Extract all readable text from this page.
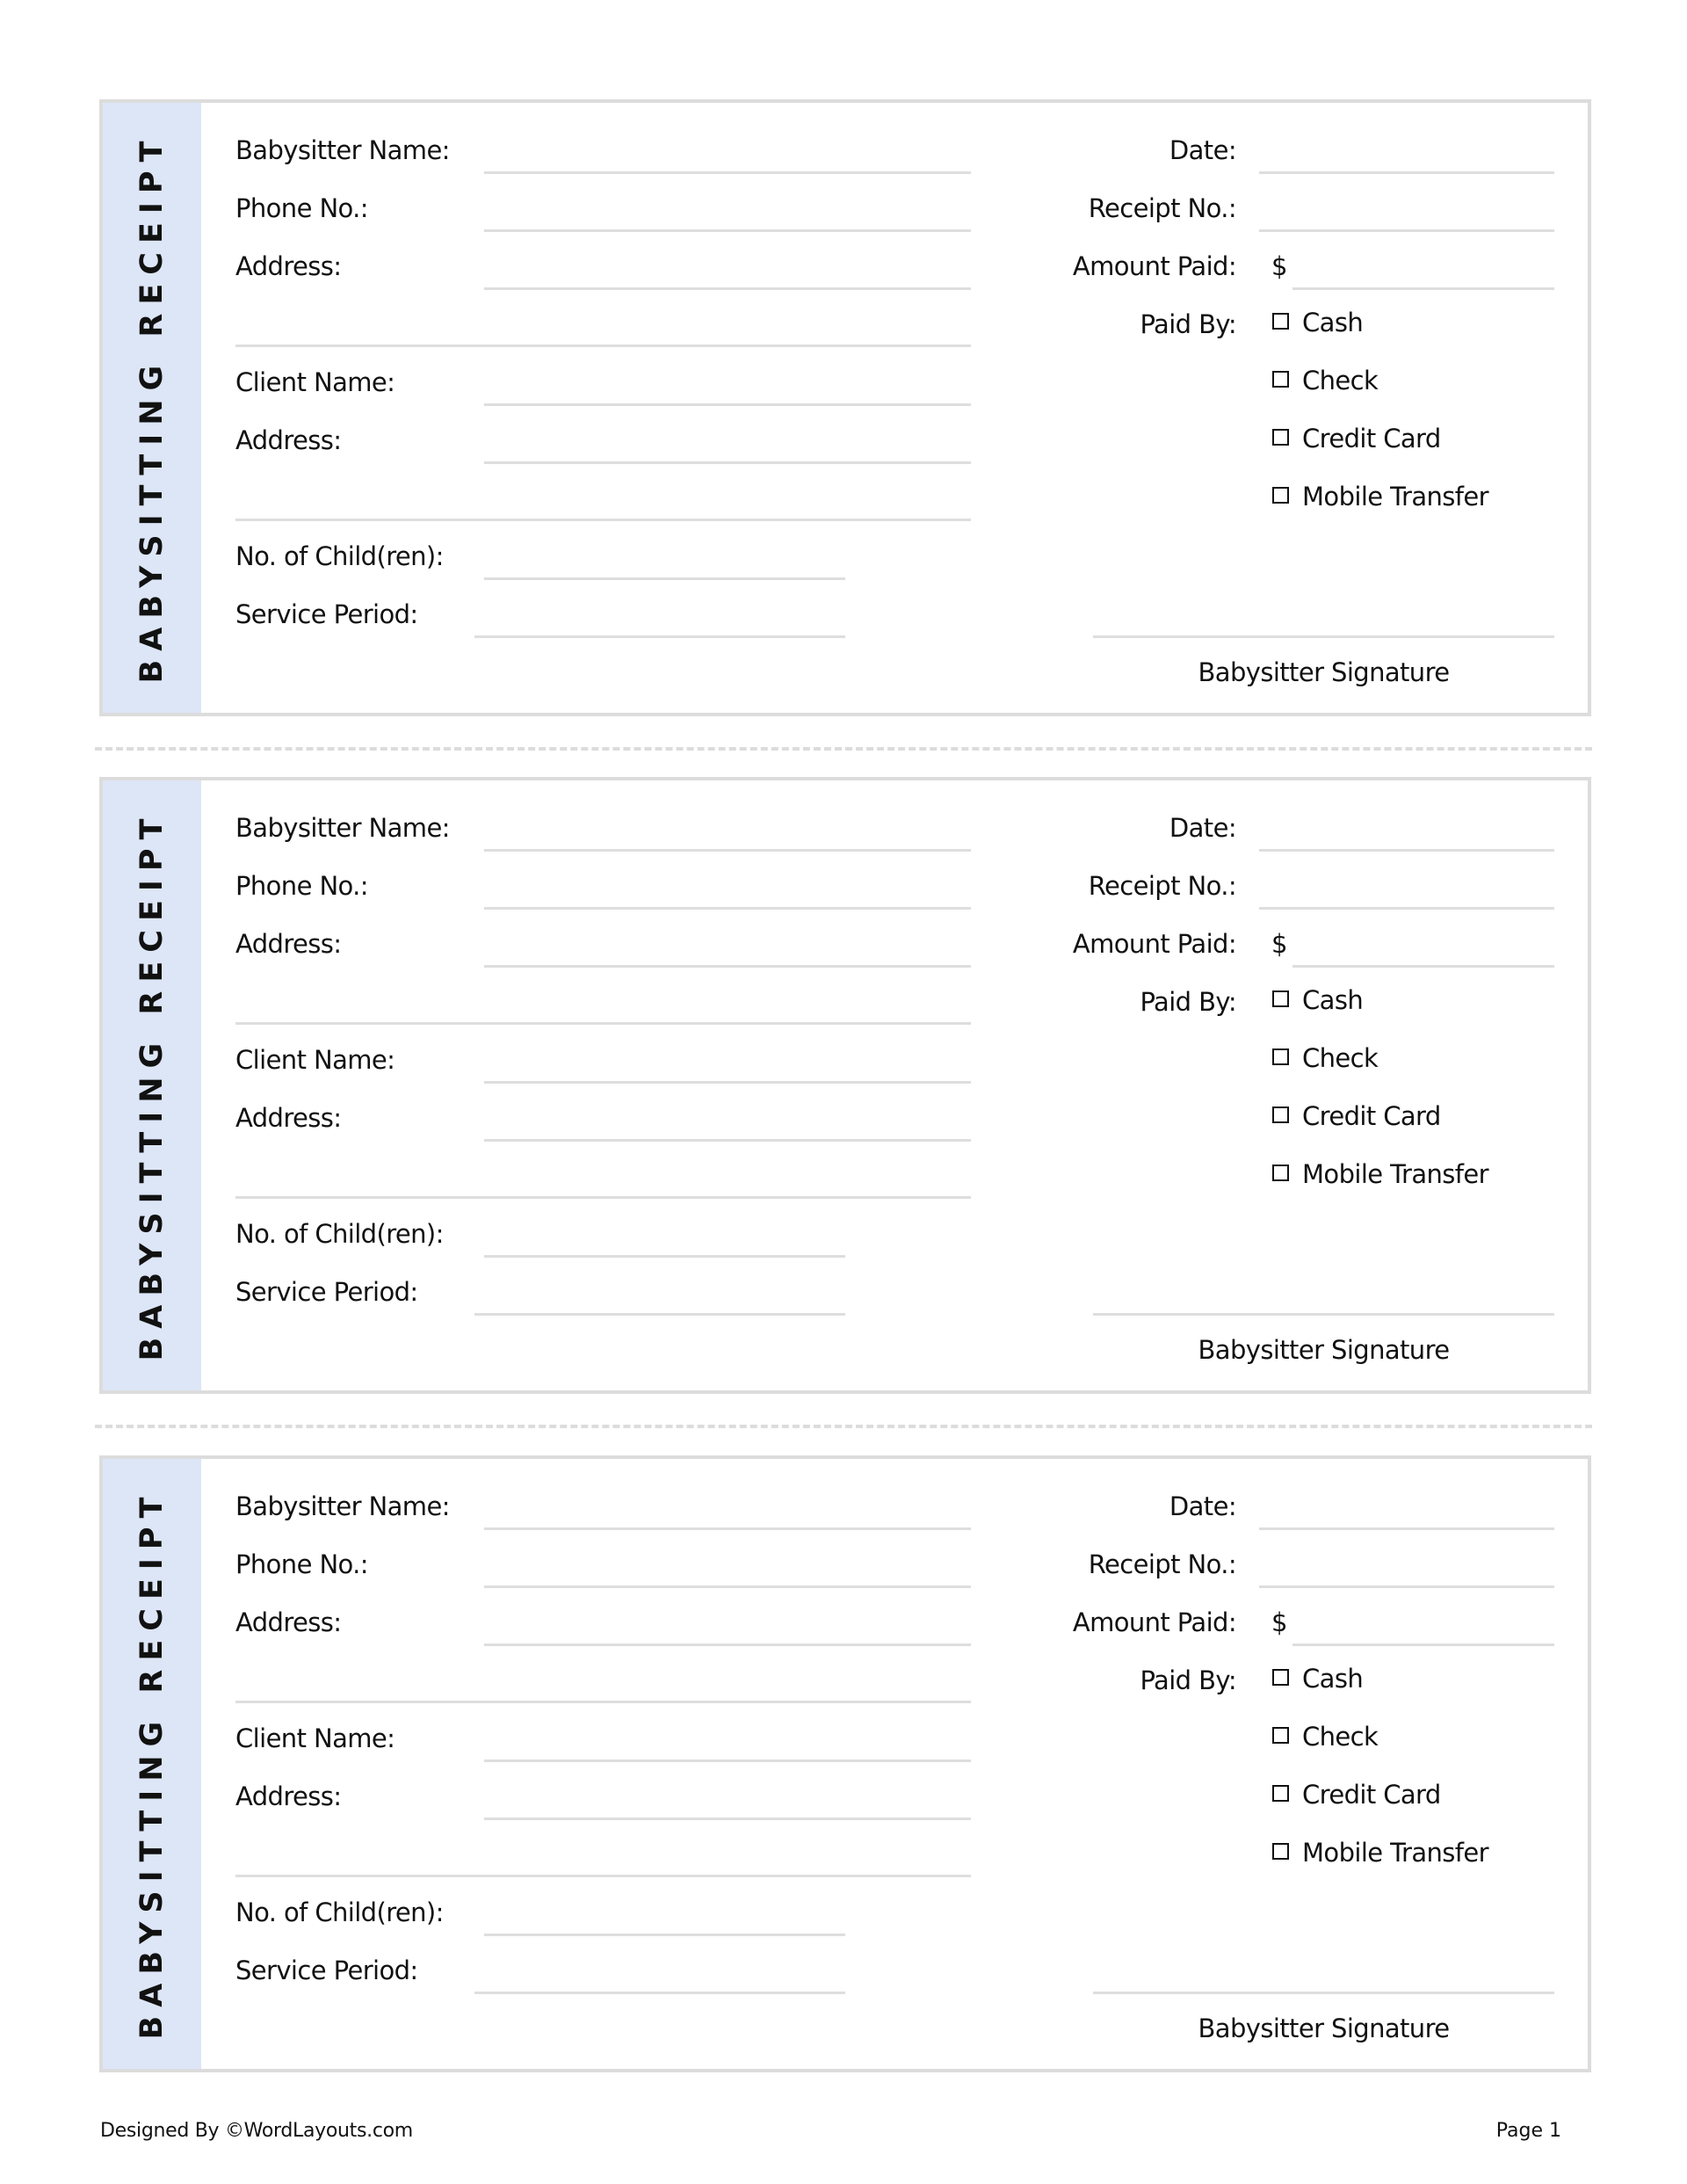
BABYSITTING RECEIPT	Babysitter Name:
Phone No.:
Address:
Client Name:
Address:
No. of Child(ren):
Service Period:
Date:
Receipt No.:
Amount Paid: $
Paid By:	Cash
Check
Credit Card
Mobile Transfer
Babysitter Signature
BABYSITTING RECEIPT	Babysitter Name:
Phone No.:
Address:
Client Name:
Address:
No. of Child(ren):
Service Period:
Date:
Receipt No.:
Amount Paid: $
Paid By:	Cash
Check
Credit Card
Mobile Transfer
Babysitter Signature
BABYSITTING RECEIPT	Babysitter Name:
Phone No.:
Address:
Client Name:
Address:
No. of Child(ren):
Service Period:
Date:
Receipt No.:
Amount Paid: $
Paid By:	Cash
Check
Credit Card
Mobile Transfer
Babysitter Signature
Designed By ©WordLayouts.com	Page 1
